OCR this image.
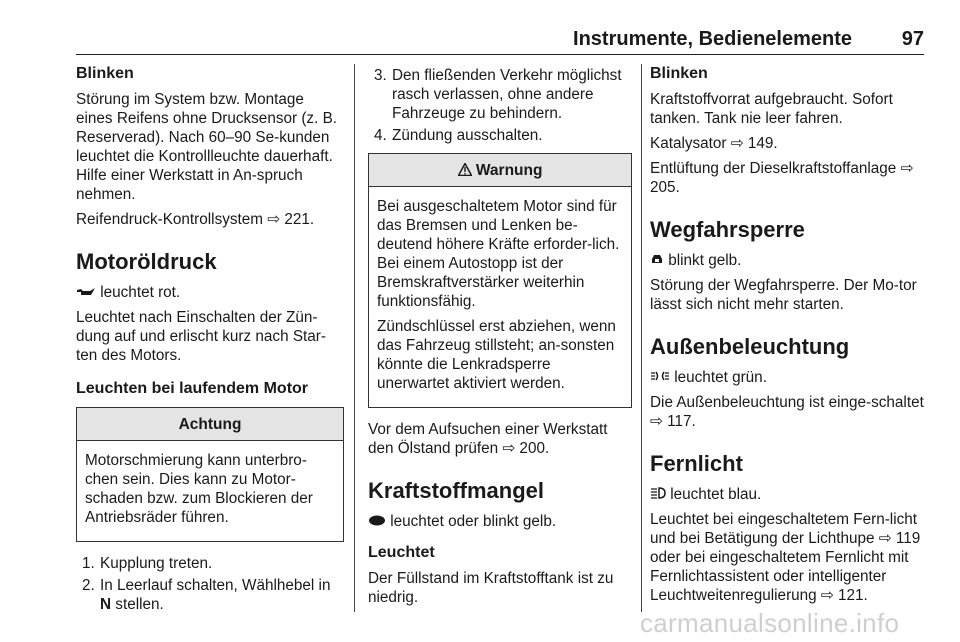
Instrumente, Bedienelemente 97
Blinken

Störung im System bzw. Montage eines Reifens ohne Drucksensor (z. B. Reserverad). Nach 60–90 Se-kunden leuchtet die Kontrollleuchte dauerhaft. Hilfe einer Werkstatt in An-spruch nehmen.

Reifendruck-Kontrollsystem ⇨ 221.

Motoröldruck

leuchtet rot.

Leuchtet nach Einschalten der Zün-dung auf und erlischt kurz nach Star-ten des Motors.

Leuchten bei laufendem Motor
Achtung

Motorschmierung kann unterbro-chen sein. Dies kann zu Motor-schaden bzw. zum Blockieren der Antriebsräder führen.

1. Kupplung treten.
2. In Leerlauf schalten, Wählhebel in N stellen.
3. Den fließenden Verkehr möglichst rasch verlassen, ohne andere Fahrzeuge zu behindern.
4. Zündung ausschalten.
Warnung

Bei ausgeschaltetem Motor sind für das Bremsen und Lenken be-deutend höhere Kräfte erforder-lich. Bei einem Autostopp ist der Bremskraftverstärker weiterhin funktionsfähig.

Zündschlüssel erst abziehen, wenn das Fahrzeug stillsteht; an-sonsten könnte die Lenkradsperre unerwartet aktiviert werden.

Vor dem Aufsuchen einer Werkstatt den Ölstand prüfen ⇨ 200.

Kraftstoffmangel

leuchtet oder blinkt gelb.

Leuchtet

Der Füllstand im Kraftstofftank ist zu niedrig.

Blinken

Kraftstoffvorrat aufgebraucht. Sofort tanken. Tank nie leer fahren.

Katalysator ⇨ 149.

Entlüftung der Dieselkraftstoffanlage ⇨ 205.

Wegfahrsperre

blinkt gelb.

Störung der Wegfahrsperre. Der Mo-tor lässt sich nicht mehr starten.

Außenbeleuchtung

leuchtet grün.

Die Außenbeleuchtung ist einge-schaltet ⇨ 117.

Fernlicht

leuchtet blau.

Leuchtet bei eingeschaltetem Fern-licht und bei Betätigung der Lichthupe ⇨ 119 oder bei eingeschaltetem Fernlicht mit Fernlichtassistent oder intelligenter Leuchtweitenregulierung ⇨ 121.

carmanualsonline.info
